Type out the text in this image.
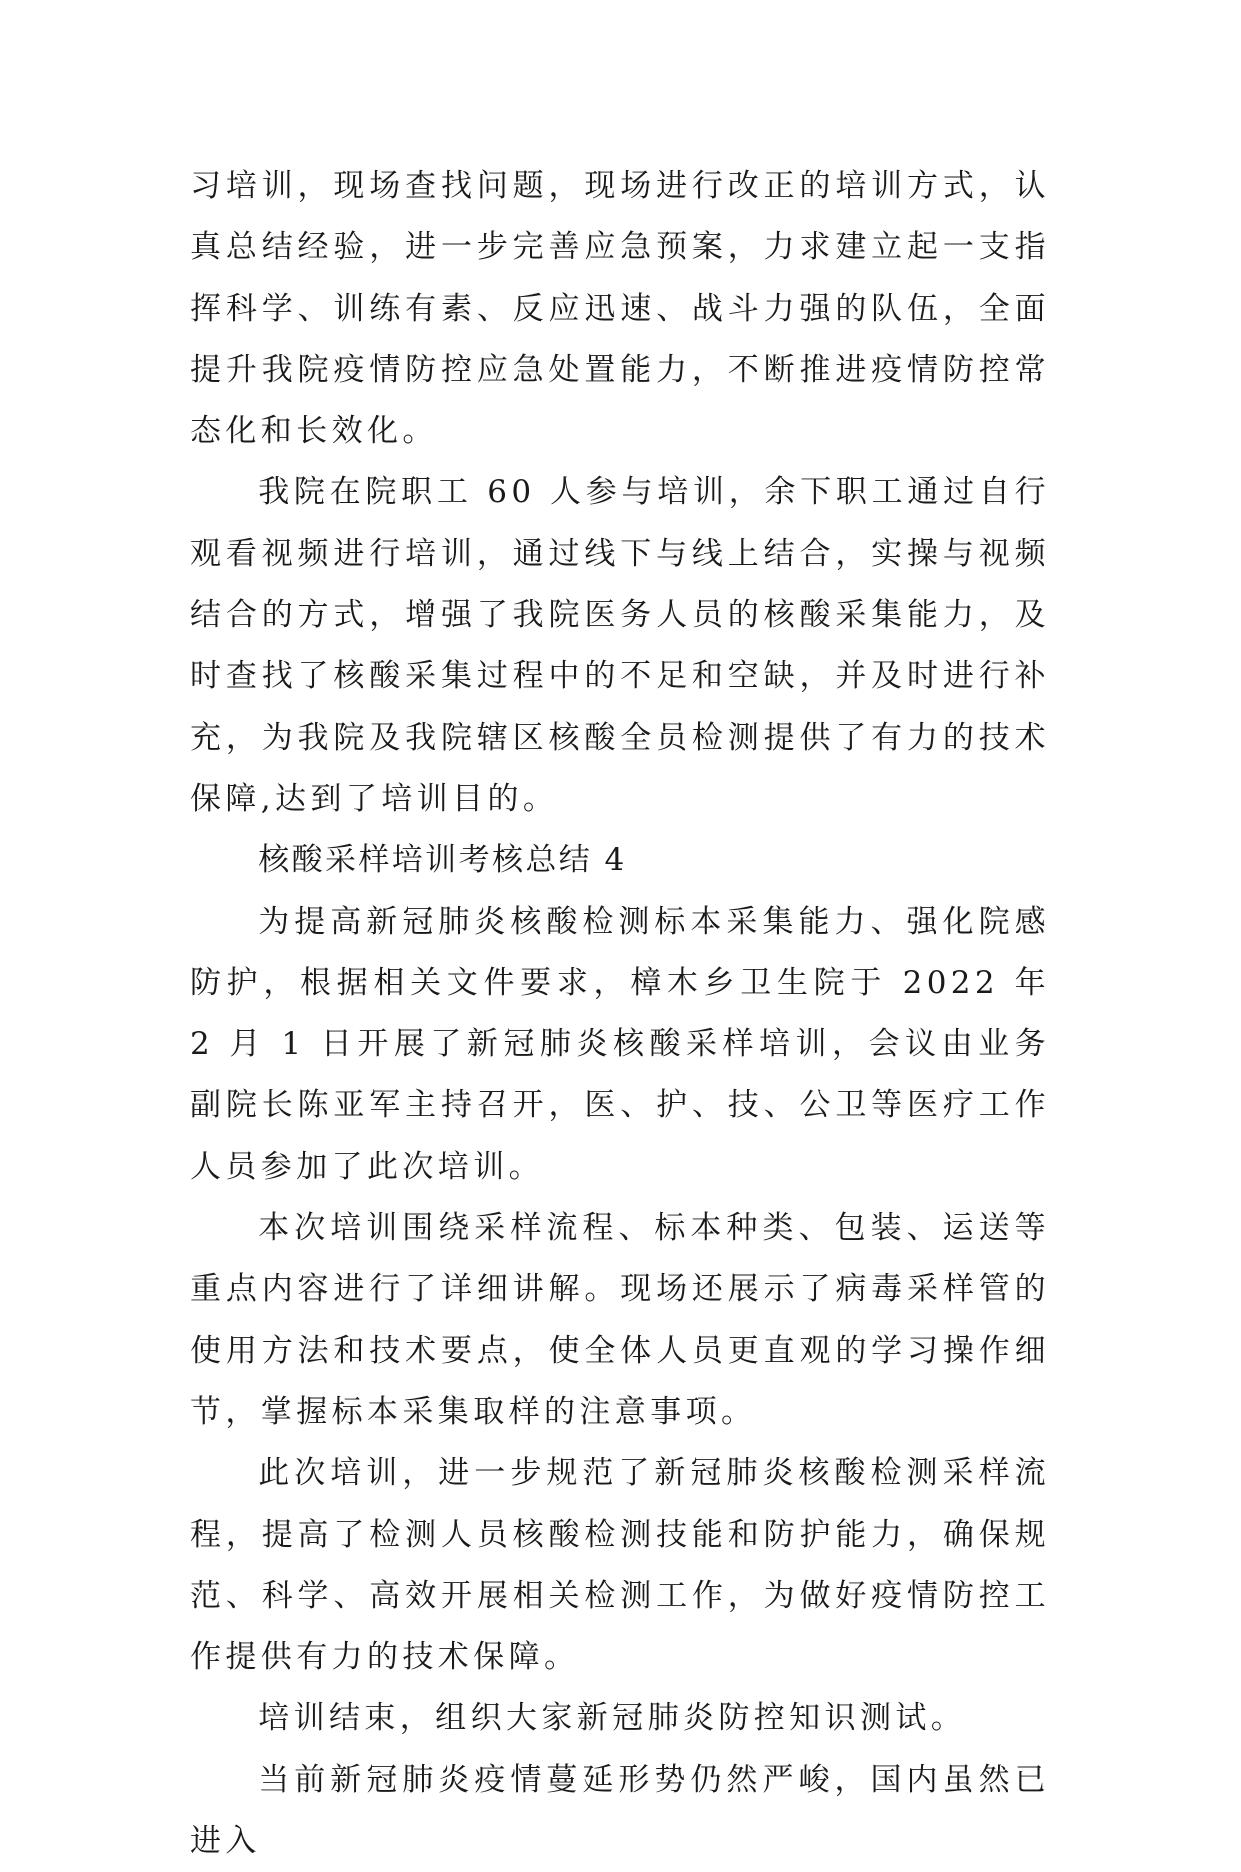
习培训，现场查找问题，现场进行改正的培训方式，认真总结经验，进一步完善应急预案，力求建立起一支指挥科学、训练有素、反应迅速、战斗力强的队伍，全面提升我院疫情防控应急处置能力，不断推进疫情防控常态化和长效化。

我院在院职工 60 人参与培训，余下职工通过自行观看视频进行培训，通过线下与线上结合，实操与视频结合的方式，增强了我院医务人员的核酸采集能力，及时查找了核酸采集过程中的不足和空缺，并及时进行补充，为我院及我院辖区核酸全员检测提供了有力的技术保障,达到了培训目的。

核酸采样培训考核总结 4

为提高新冠肺炎核酸检测标本采集能力、强化院感防护，根据相关文件要求，樟木乡卫生院于 2022 年 2 月 1 日开展了新冠肺炎核酸采样培训，会议由业务副院长陈亚军主持召开，医、护、技、公卫等医疗工作人员参加了此次培训。

本次培训围绕采样流程、标本种类、包装、运送等重点内容进行了详细讲解。现场还展示了病毒采样管的使用方法和技术要点，使全体人员更直观的学习操作细节，掌握标本采集取样的注意事项。

此次培训，进一步规范了新冠肺炎核酸检测采样流程，提高了检测人员核酸检测技能和防护能力，确保规范、科学、高效开展相关检测工作，为做好疫情防控工作提供有力的技术保障。

培训结束，组织大家新冠肺炎防控知识测试。

当前新冠肺炎疫情蔓延形势仍然严峻，国内虽然已进入
